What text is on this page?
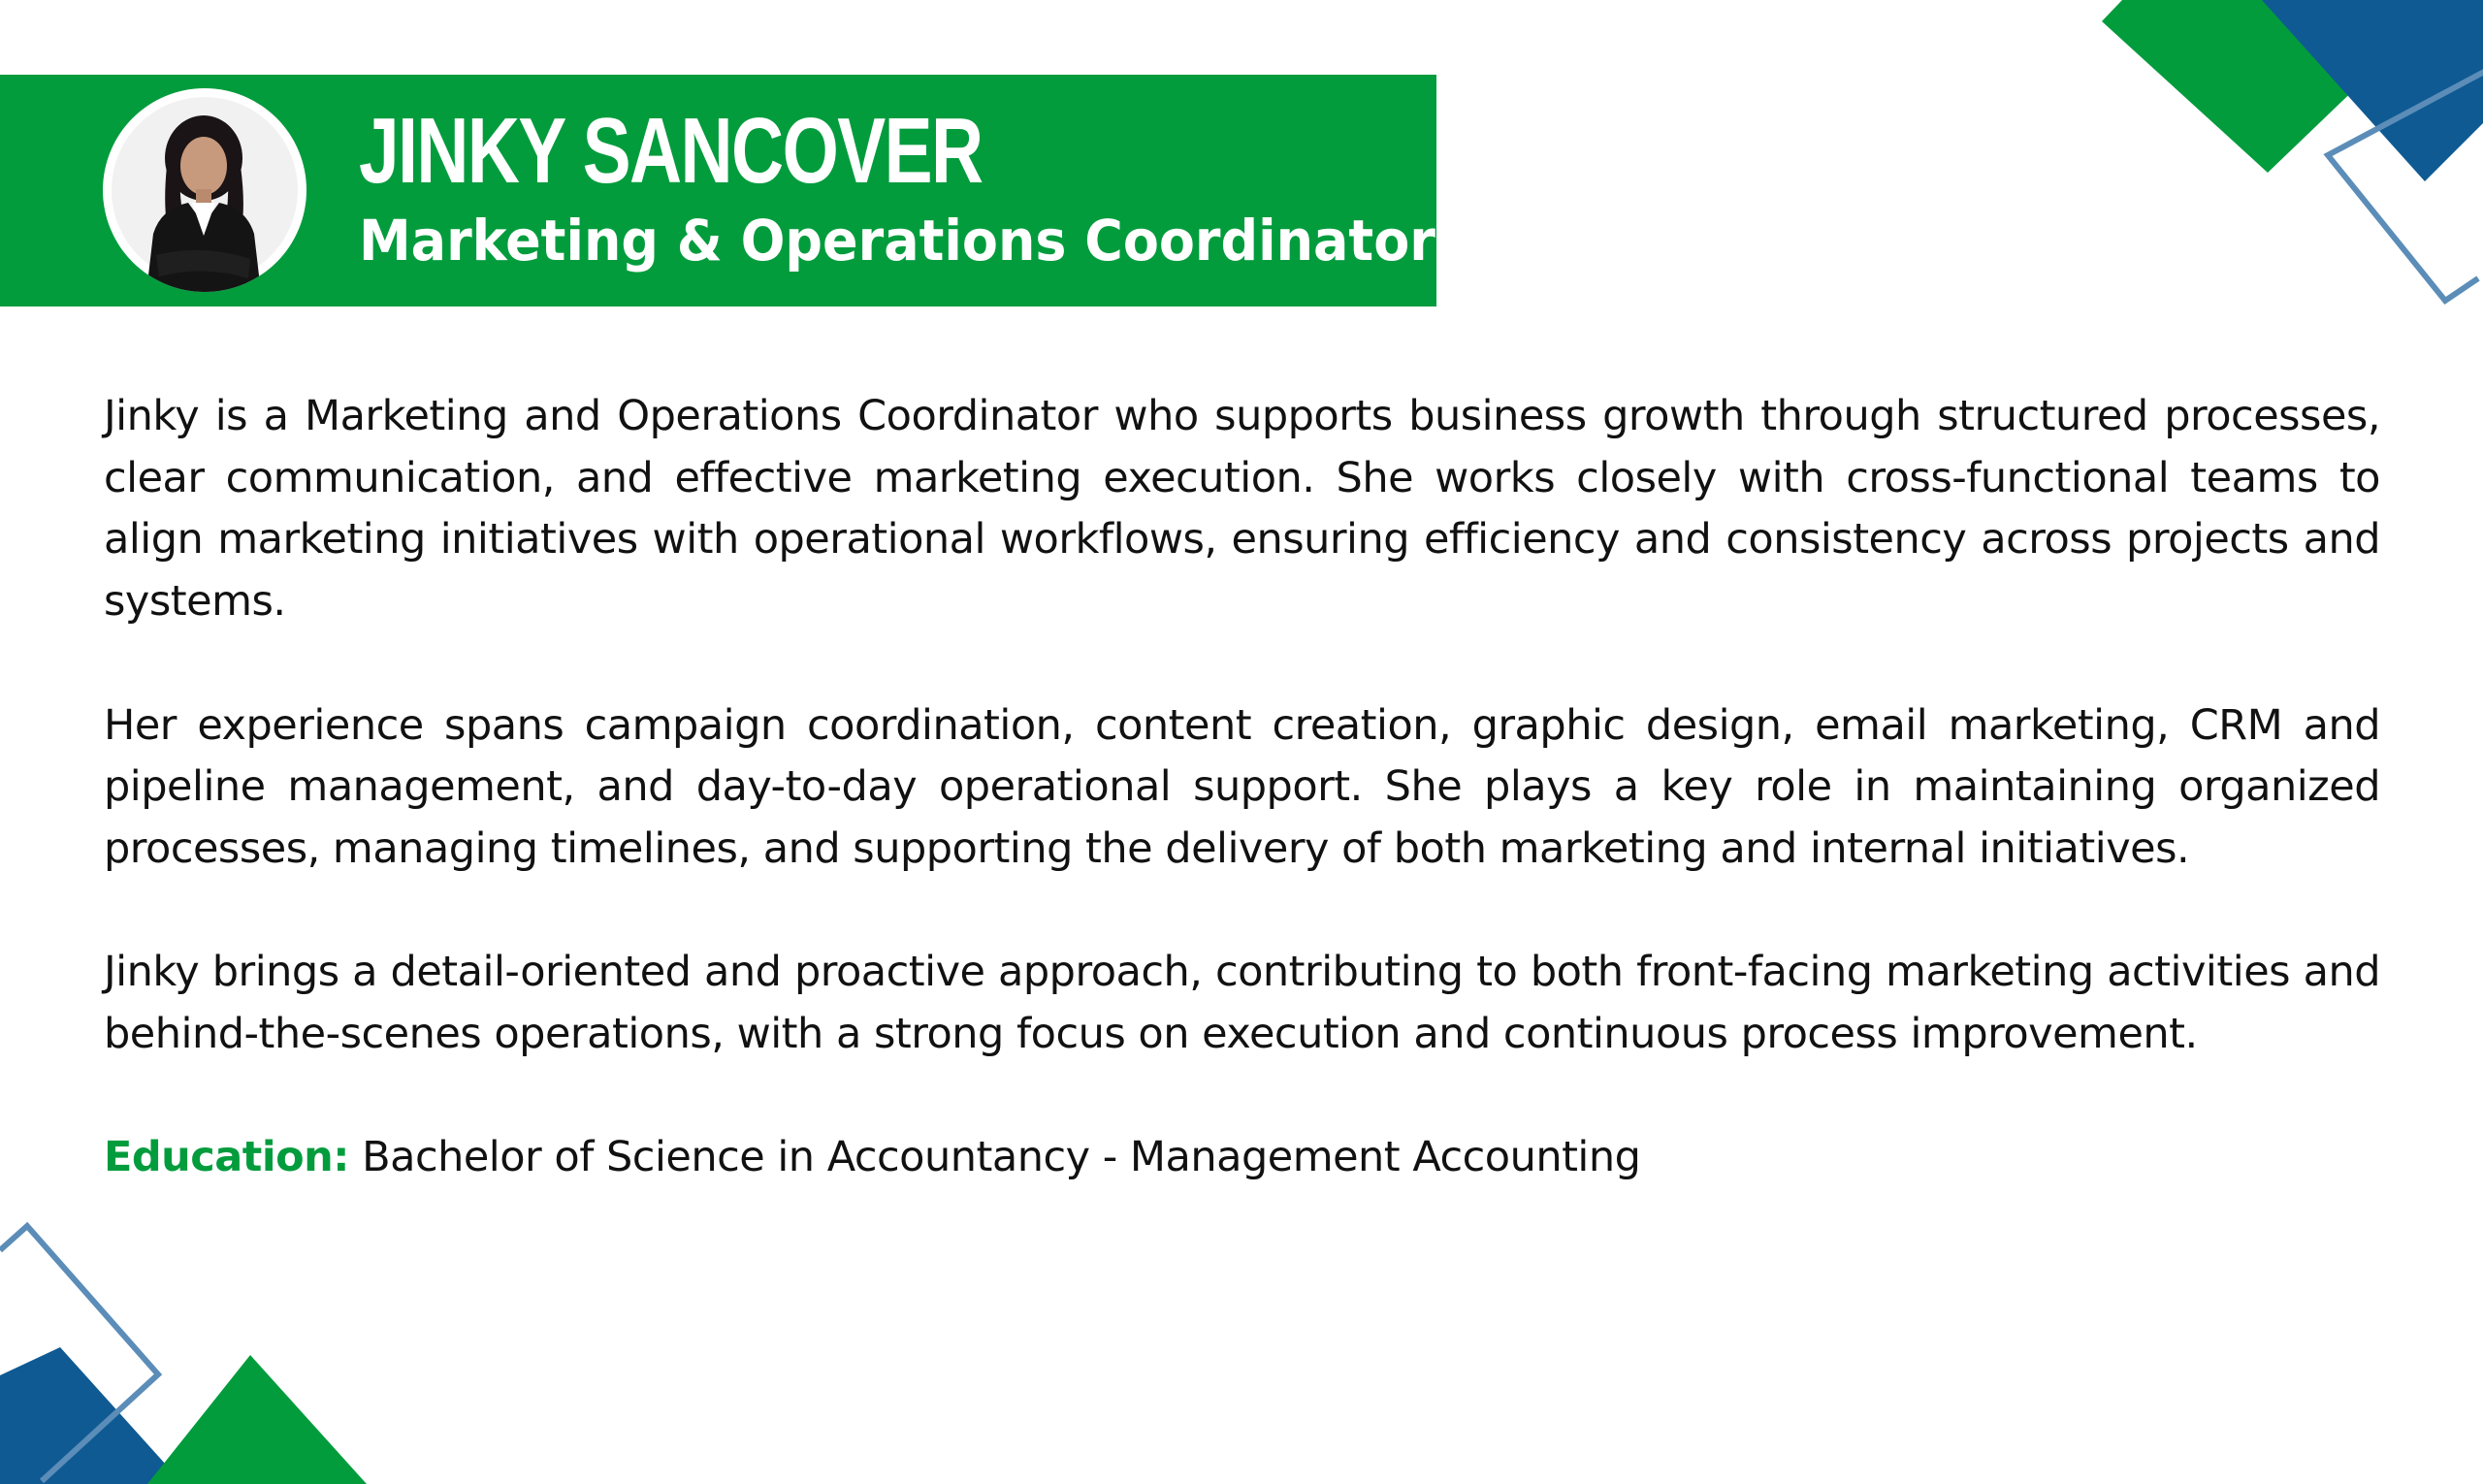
JINKY SANCOVER
Marketing & Operations Coordinator

Jinky is a Marketing and Operations Coordinator who supports business growth through structured processes, clear communication, and effective marketing execution. She works closely with cross-functional teams to align marketing initiatives with operational workflows, ensuring efficiency and consistency across projects and systems.

Her experience spans campaign coordination, content creation, graphic design, email marketing, CRM and pipeline management, and day-to-day operational support. She plays a key role in maintaining organized processes, managing timelines, and supporting the delivery of both marketing and internal initiatives.

Jinky brings a detail-oriented and proactive approach, contributing to both front-facing marketing activities and behind-the-scenes operations, with a strong focus on execution and continuous process improvement.

Education: Bachelor of Science in Accountancy - Management Accounting
